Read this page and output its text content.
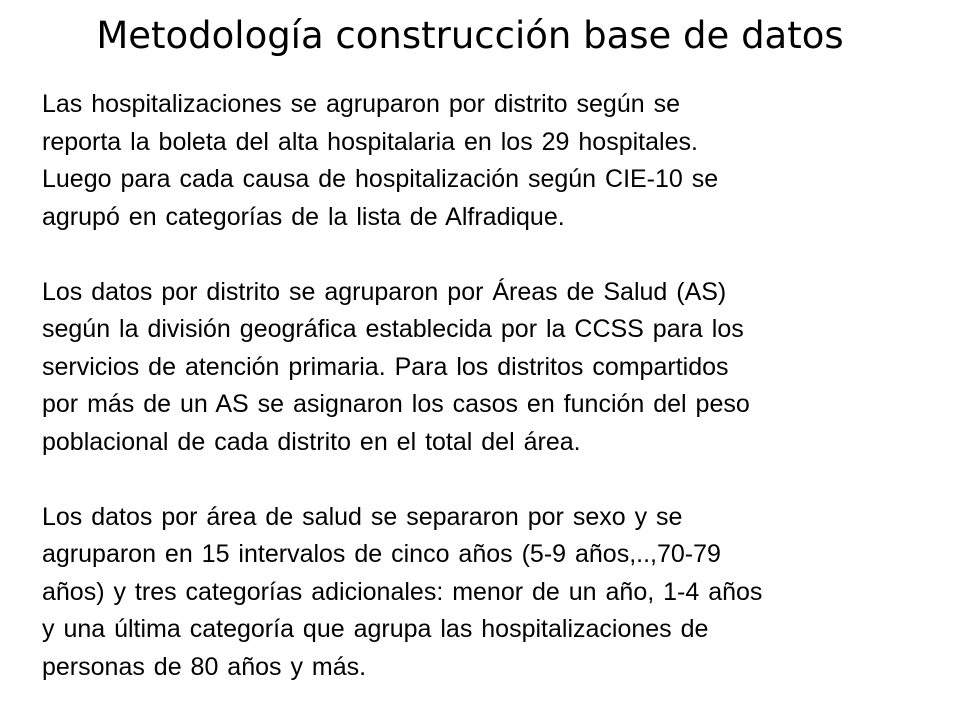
Metodología construcción base de datos

Las hospitalizaciones se agruparon por distrito según se
reporta la boleta del alta hospitalaria en los 29 hospitales.
Luego para cada causa de hospitalización según CIE-10 se
agrupó en categorías de la lista de Alfradique.

Los datos por distrito se agruparon por Áreas de Salud (AS)
según la división geográfica establecida por la CCSS para los
servicios de atención primaria. Para los distritos compartidos
por más de un AS se asignaron los casos en función del peso
poblacional de cada distrito en el total del área.

Los datos por área de salud se separaron por sexo y se
agruparon en 15 intervalos de cinco años (5-9 años,..,70-79
años) y tres categorías adicionales: menor de un año, 1-4 años
y una última categoría que agrupa las hospitalizaciones de
personas de 80 años y más.
